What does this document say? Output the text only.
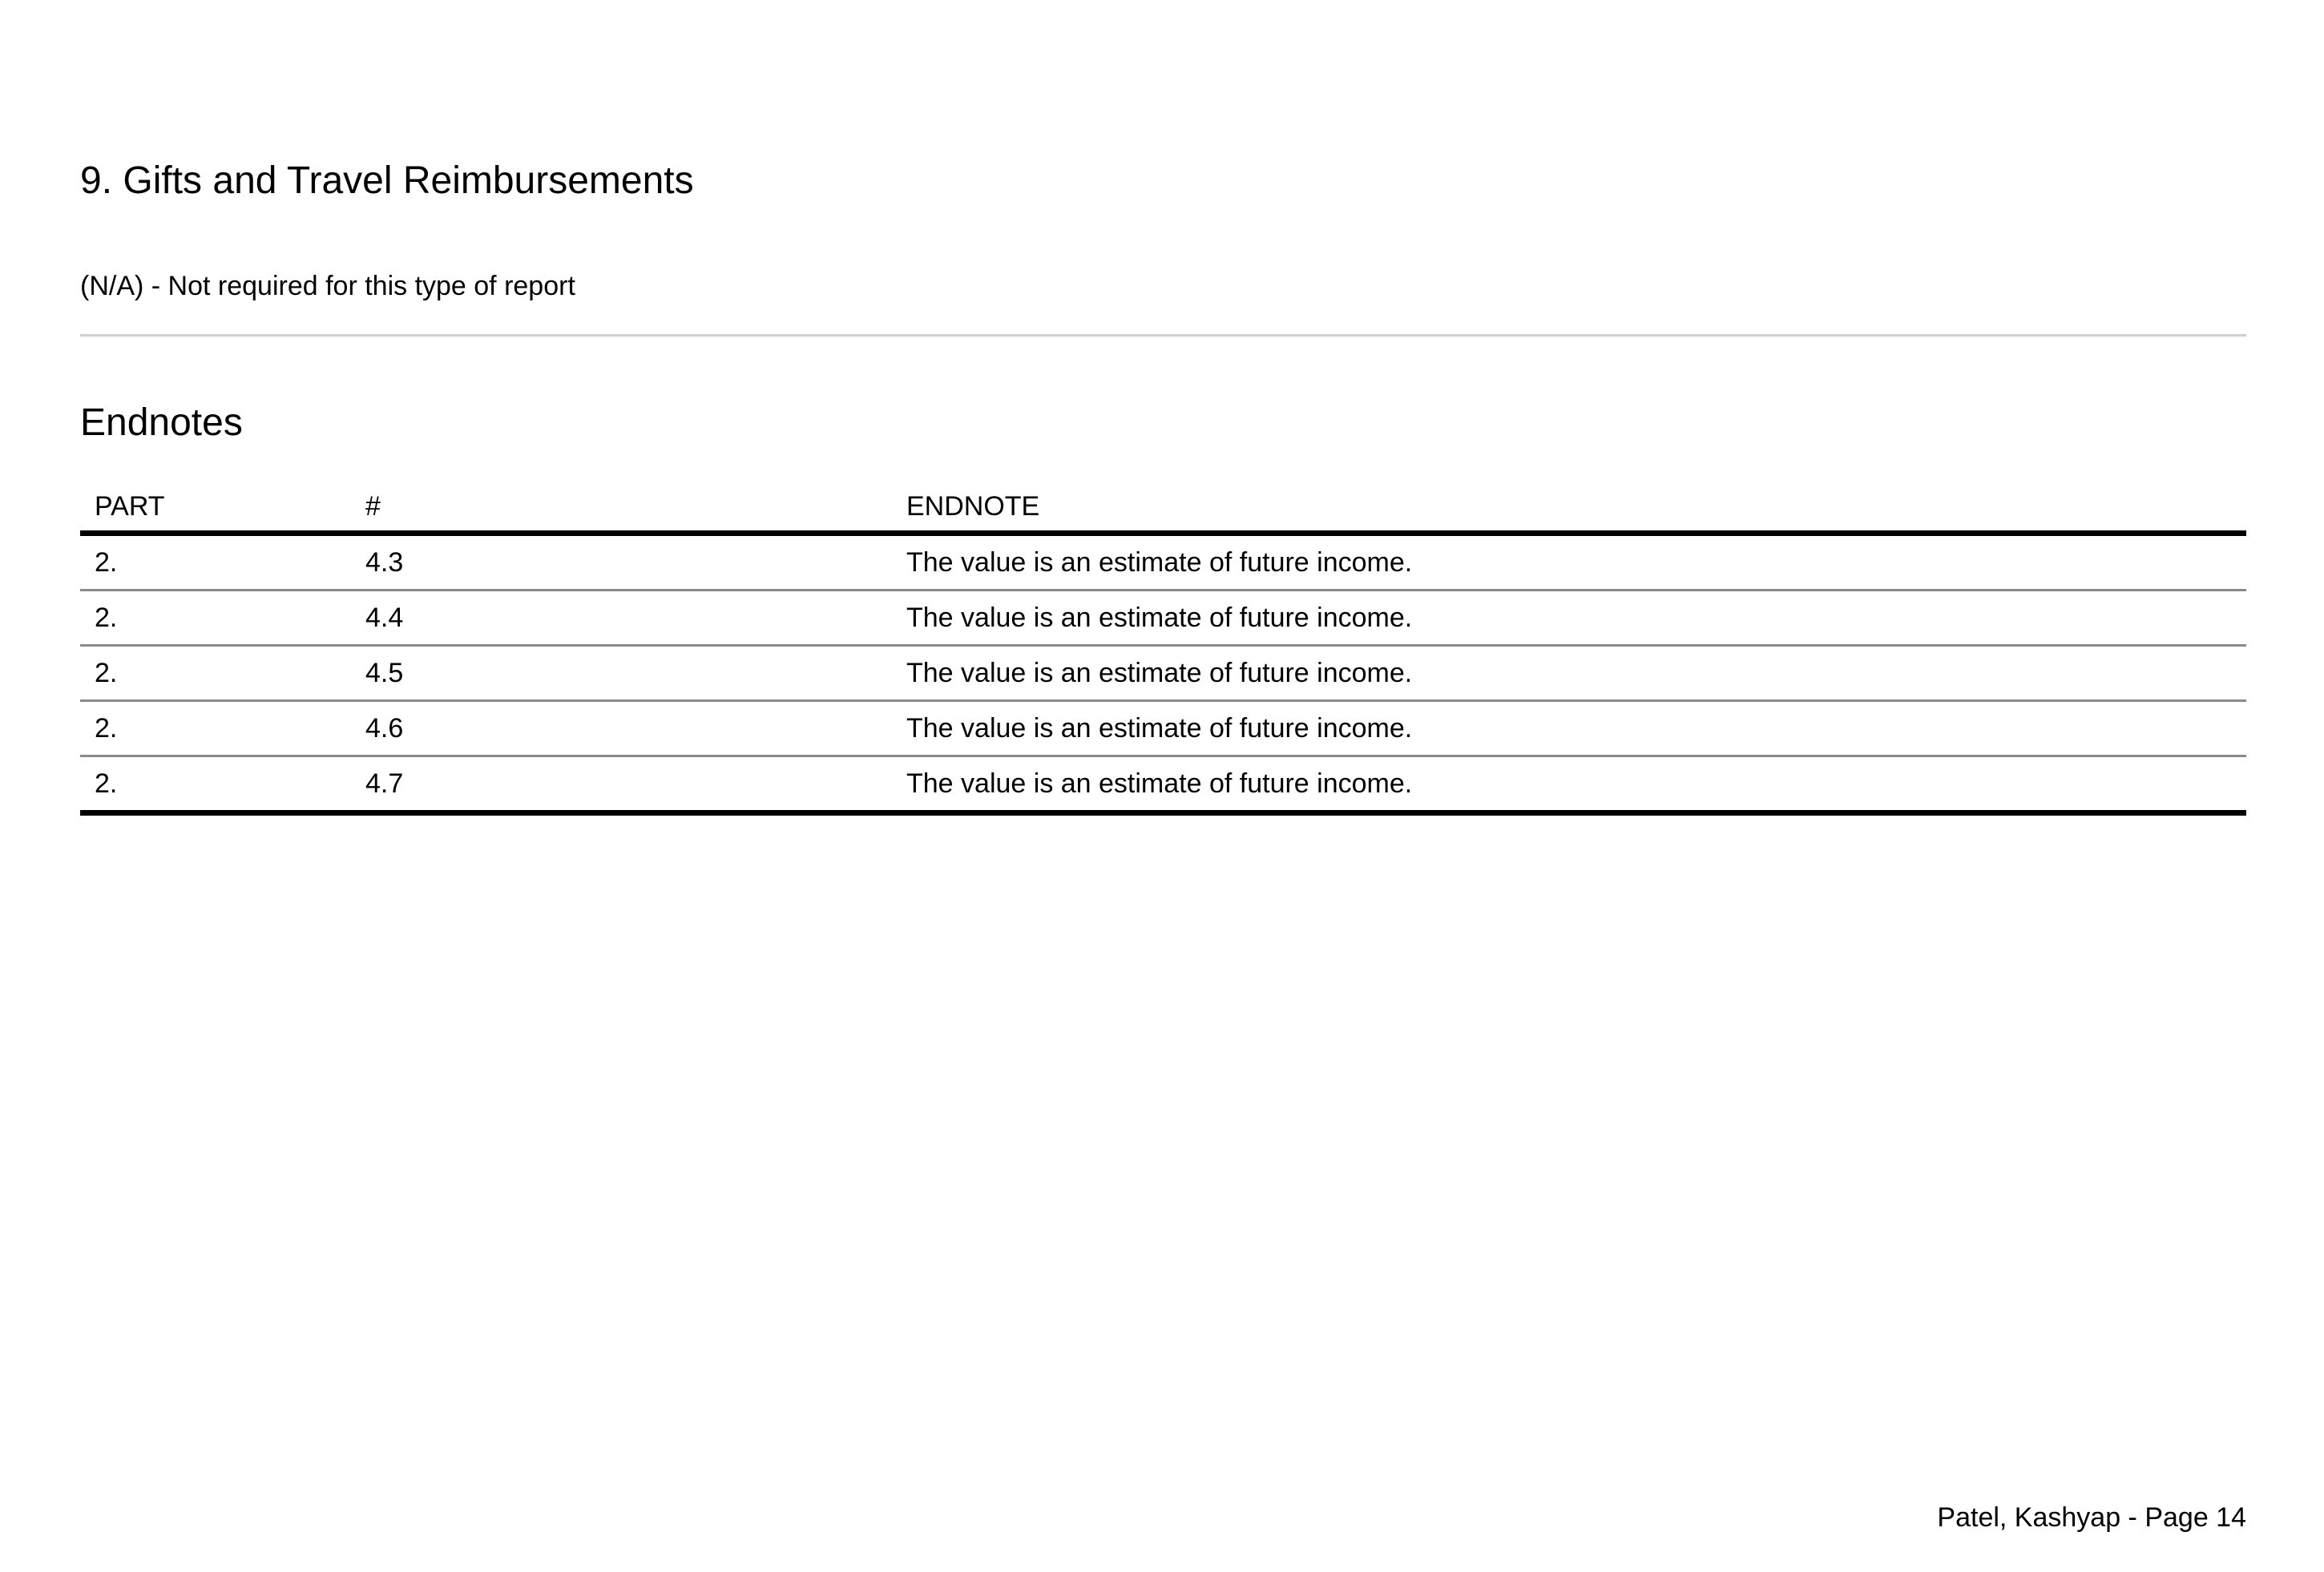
9. Gifts and Travel Reimbursements

(N/A) - Not required for this type of report

Endnotes
PART	#	ENDNOTE
2.	4.3	The value is an estimate of future income.
2.	4.4	The value is an estimate of future income.
2.	4.5	The value is an estimate of future income.
2.	4.6	The value is an estimate of future income.
2.	4.7	The value is an estimate of future income.

Patel, Kashyap - Page 14
